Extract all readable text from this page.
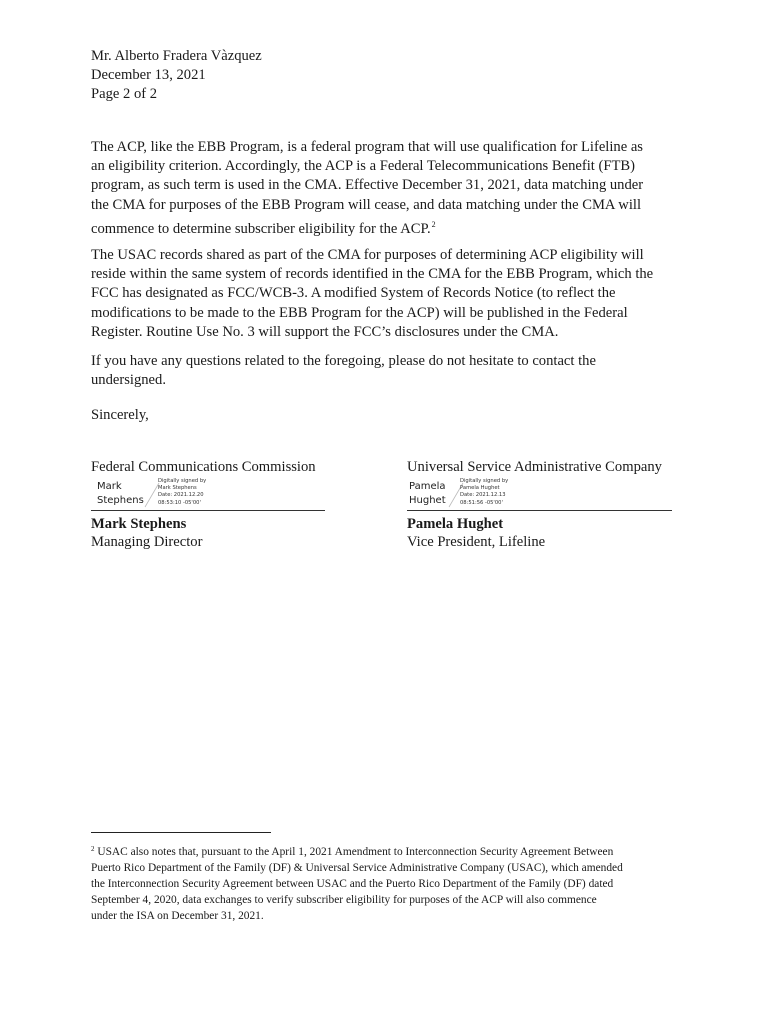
Mr. Alberto Fradera Vàzquez
December 13, 2021
Page 2 of 2
The ACP, like the EBB Program, is a federal program that will use qualification for Lifeline as
an eligibility criterion. Accordingly, the ACP is a Federal Telecommunications Benefit (FTB)
program, as such term is used in the CMA. Effective December 31, 2021, data matching under
the CMA for purposes of the EBB Program will cease, and data matching under the CMA will
commence to determine subscriber eligibility for the ACP.$^2$
The USAC records shared as part of the CMA for purposes of determining ACP eligibility will
reside within the same system of records identified in the CMA for the EBB Program, which the
FCC has designated as FCC/WCB-3. A modified System of Records Notice (to reflect the
modifications to be made to the EBB Program for the ACP) will be published in the Federal
Register. Routine Use No. 3 will support the FCC’s disclosures under the CMA.
If you have any questions related to the foregoing, please do not hesitate to contact the
undersigned.
Sincerely,
Federal Communications Commission
Mark
Stephens
Digitally signed by
Mark Stephens
Date: 2021.12.20
08:53:10 -05'00'
Mark Stephens
Managing Director
Universal Service Administrative Company
Pamela
Hughet
Digitally signed by
Pamela Hughet
Date: 2021.12.13
08:51:56 -05'00'
Pamela Hughet
Vice President, Lifeline
$^2$ USAC also notes that, pursuant to the April 1, 2021 Amendment to Interconnection Security Agreement Between
Puerto Rico Department of the Family (DF) & Universal Service Administrative Company (USAC), which amended
the Interconnection Security Agreement between USAC and the Puerto Rico Department of the Family (DF) dated
September 4, 2020, data exchanges to verify subscriber eligibility for purposes of the ACP will also commence
under the ISA on December 31, 2021.
